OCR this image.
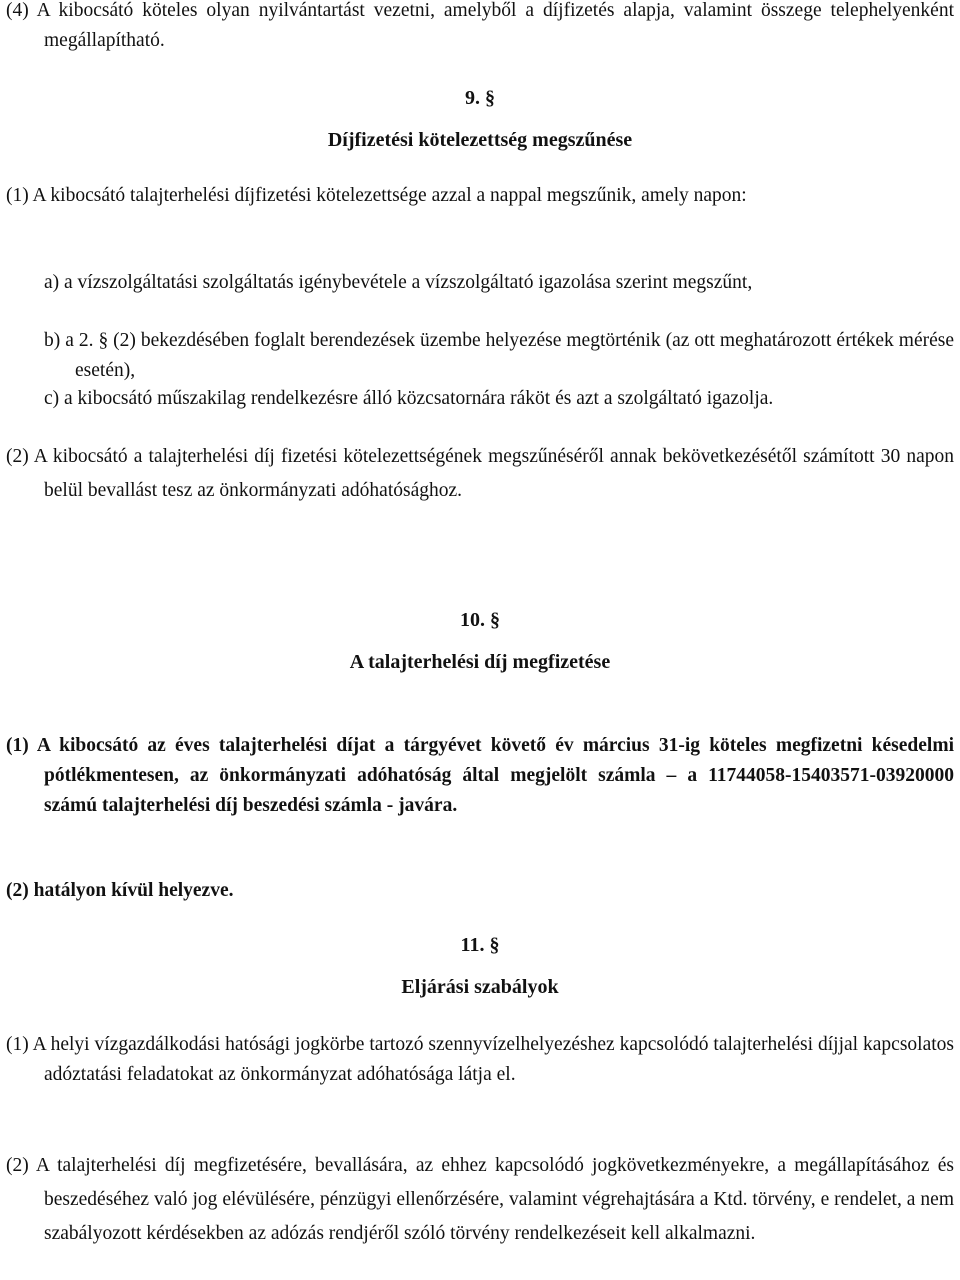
(4) A kibocsátó köteles olyan nyilvántartást vezetni, amelyből a díjfizetés alapja, valamint összege telephelyenként megállapítható.

9. §

Díjfizetési kötelezettség megszűnése

(1) A kibocsátó talajterhelési díjfizetési kötelezettsége azzal a nappal megszűnik, amely napon:

a) a vízszolgáltatási szolgáltatás igénybevétele a vízszolgáltató igazolása szerint megszűnt,

b) a 2. § (2) bekezdésében foglalt berendezések üzembe helyezése megtörténik (az ott meghatározott értékek mérése esetén),

c) a kibocsátó műszakilag rendelkezésre álló közcsatornára ráköt és azt a szolgáltató igazolja.

(2) A kibocsátó a talajterhelési díj fizetési kötelezettségének megszűnéséről annak bekövetkezésétől számított 30 napon belül bevallást tesz az önkormányzati adóhatósághoz.

10. §

A talajterhelési díj megfizetése

(1) A kibocsátó az éves talajterhelési díjat a tárgyévet követő év március 31-ig köteles megfizetni késedelmi pótlékmentesen, az önkormányzati adóhatóság által megjelölt számla – a 11744058-15403571-03920000 számú talajterhelési díj beszedési számla - javára.

(2) hatályon kívül helyezve.

11. §

Eljárási szabályok

(1) A helyi vízgazdálkodási hatósági jogkörbe tartozó szennyvízelhelyezéshez kapcsolódó talajterhelési díjjal kapcsolatos adóztatási feladatokat az önkormányzat adóhatósága látja el.

(2) A talajterhelési díj megfizetésére, bevallására, az ehhez kapcsolódó jogkövetkezményekre, a megállapításához és beszedéséhez való jog elévülésére, pénzügyi ellenőrzésére, valamint végrehajtására a Ktd. törvény, e rendelet, a nem szabályozott kérdésekben az adózás rendjéről szóló törvény rendelkezéseit kell alkalmazni.
